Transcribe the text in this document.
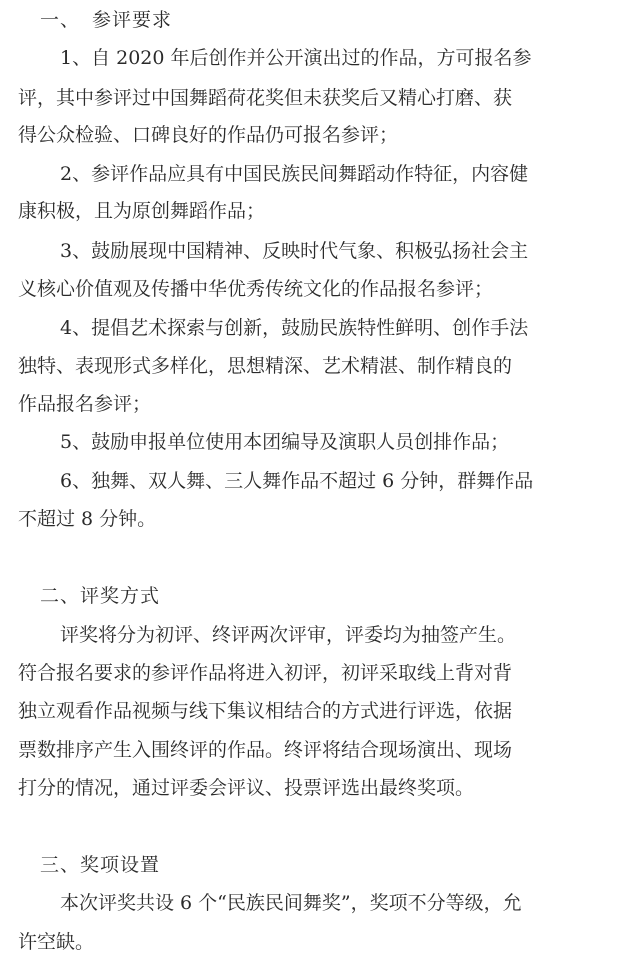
一、 参评要求
1、自 2020 年后创作并公开演出过的作品，方可报名参
评，其中参评过中国舞蹈荷花奖但未获奖后又精心打磨、获
得公众检验、口碑良好的作品仍可报名参评；
2、参评作品应具有中国民族民间舞蹈动作特征，内容健
康积极，且为原创舞蹈作品；
3、鼓励展现中国精神、反映时代气象、积极弘扬社会主
义核心价值观及传播中华优秀传统文化的作品报名参评；
4、提倡艺术探索与创新，鼓励民族特性鲜明、创作手法
独特、表现形式多样化，思想精深、艺术精湛、制作精良的
作品报名参评；
5、鼓励申报单位使用本团编导及演职人员创排作品；
6、独舞、双人舞、三人舞作品不超过 6 分钟，群舞作品
不超过 8 分钟。
二、评奖方式
评奖将分为初评、终评两次评审，评委均为抽签产生。
符合报名要求的参评作品将进入初评，初评采取线上背对背
独立观看作品视频与线下集议相结合的方式进行评选，依据
票数排序产生入围终评的作品。终评将结合现场演出、现场
打分的情况，通过评委会评议、投票评选出最终奖项。
三、奖项设置
本次评奖共设 6 个“民族民间舞奖”，奖项不分等级，允
许空缺。
